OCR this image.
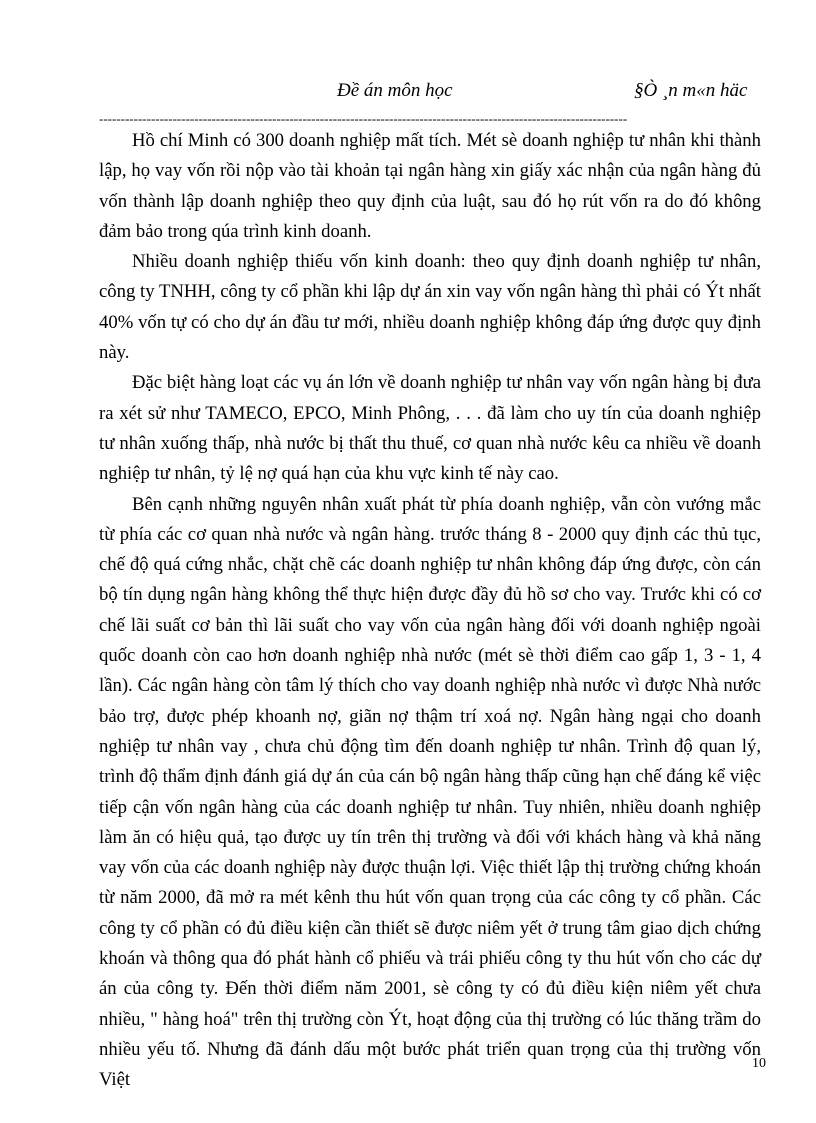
Đề án môn học	§Ò ¸n m«n häc
--------------------------------------------------------------------------------------------------------------------------

Hồ chí Minh có 300 doanh nghiệp mất tích. Mét sè doanh nghiệp tư nhân khi thành lập, họ vay vốn rồi nộp vào tài khoản tại ngân hàng xin giấy xác nhận của ngân hàng đủ vốn thành lập doanh nghiệp theo quy định của luật, sau đó họ rút vốn ra do đó không đảm bảo trong qúa trình kinh doanh.

Nhiều doanh nghiệp thiếu vốn kinh doanh: theo quy định doanh nghiệp tư nhân, công ty TNHH, công ty cổ phần khi lập dự án xin vay vốn ngân hàng thì phải có Ýt nhất 40% vốn tự có cho dự án đầu tư mới, nhiều doanh nghiệp không đáp ứng được quy định này.

Đặc biệt hàng loạt các vụ án lớn về doanh nghiệp tư nhân vay vốn ngân hàng bị đưa ra xét sử như TAMECO, EPCO, Minh Phông, . . . đã làm cho uy tín của doanh nghiệp tư nhân xuống thấp, nhà nước bị thất thu thuế, cơ quan nhà nước kêu ca nhiều về doanh nghiệp tư nhân, tỷ lệ nợ quá hạn của khu vực kinh tế này cao.

Bên cạnh những nguyên nhân xuất phát từ phía doanh nghiệp, vẫn còn vướng mắc từ phía các cơ quan nhà nước và ngân hàng. trước tháng 8 - 2000 quy định các thủ tục, chế độ quá cứng nhắc, chặt chẽ các doanh nghiệp tư nhân không đáp ứng được, còn cán bộ tín dụng ngân hàng không thể thực hiện được đầy đủ hồ sơ cho vay. Trước khi có cơ chế lãi suất cơ bản thì lãi suất cho vay vốn của ngân hàng đối với doanh nghiệp ngoài quốc doanh còn cao hơn doanh nghiệp nhà nước (mét sè thời điểm cao gấp 1, 3 - 1, 4 lần). Các ngân hàng còn tâm lý thích cho vay doanh nghiệp nhà nước vì được Nhà nước bảo trợ, được phép khoanh nợ, giãn nợ thậm trí xoá nợ. Ngân hàng ngại cho doanh nghiệp tư nhân vay , chưa chủ động tìm đến doanh nghiệp tư nhân. Trình độ quan lý, trình độ thẩm định đánh giá dự án của cán bộ ngân hàng thấp cũng hạn chế đáng kể việc tiếp cận vốn ngân hàng của các doanh nghiệp tư nhân. Tuy nhiên, nhiều doanh nghiệp làm ăn có hiệu quả, tạo được uy tín trên thị trường và đối với khách hàng và khả năng vay vốn của các doanh nghiệp này được thuận lợi. Việc thiết lập thị trường chứng khoán từ năm 2000, đã mở ra mét kênh thu hút vốn quan trọng của các công ty cổ phần. Các công ty cổ phần có đủ điều kiện cần thiết sẽ được niêm yết ở trung tâm giao dịch chứng khoán và thông qua đó phát hành cổ phiếu và trái phiếu công ty thu hút vốn cho các dự án của công ty. Đến thời điểm năm 2001, sè công ty có đủ điều kiện niêm yết chưa nhiều, " hàng hoá" trên thị trường còn Ýt, hoạt động của thị trường có lúc thăng trầm do nhiều yếu tố. Nhưng đã đánh dấu một bước phát triển quan trọng của thị trường vốn Việt

10
